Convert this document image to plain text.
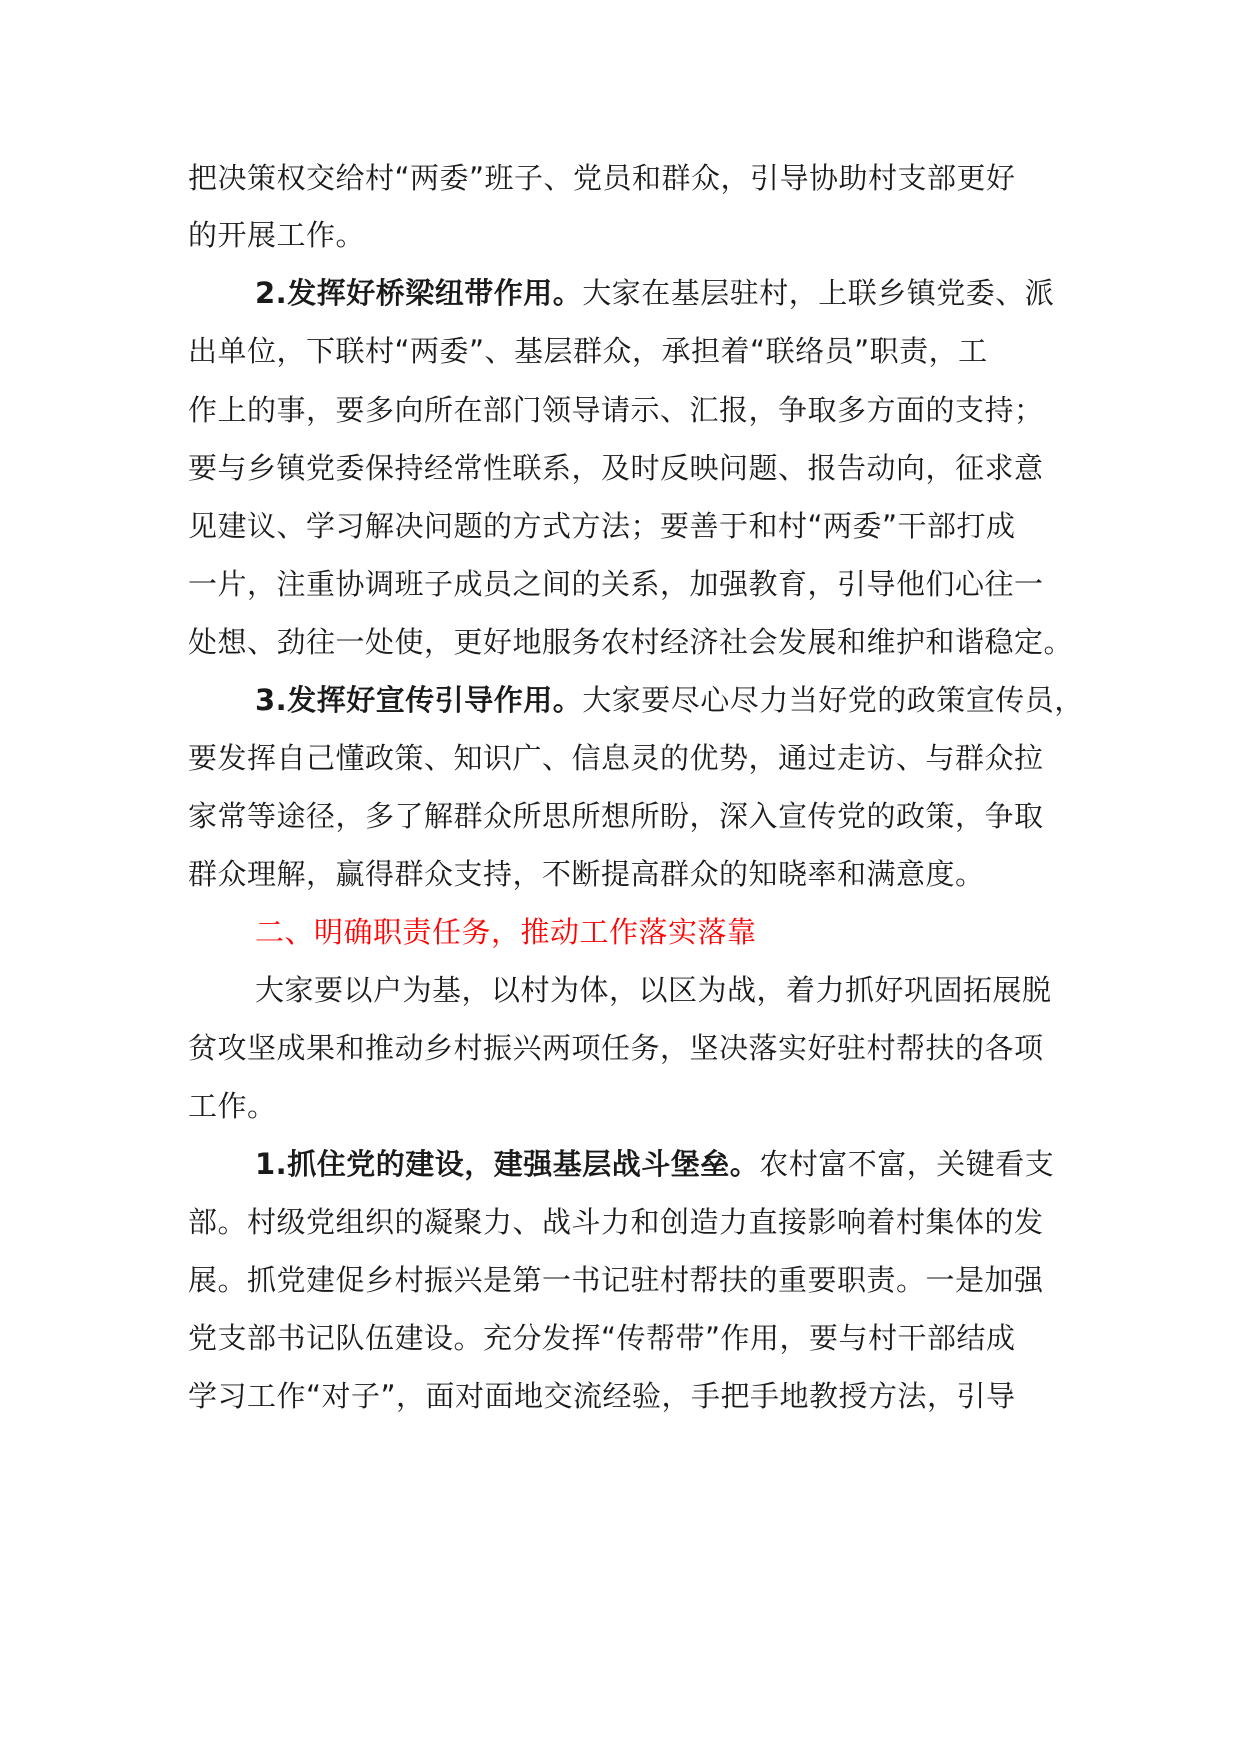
把决策权交给村“两委”班子、党员和群众，引导协助村支部更好
的开展工作。
2.发挥好桥梁纽带作用。大家在基层驻村，上联乡镇党委、派
出单位，下联村“两委”、基层群众，承担着“联络员”职责，工
作上的事，要多向所在部门领导请示、汇报，争取多方面的支持；
要与乡镇党委保持经常性联系，及时反映问题、报告动向，征求意
见建议、学习解决问题的方式方法；要善于和村“两委”干部打成
一片，注重协调班子成员之间的关系，加强教育，引导他们心往一
处想、劲往一处使，更好地服务农村经济社会发展和维护和谐稳定。
3.发挥好宣传引导作用。大家要尽心尽力当好党的政策宣传员，
要发挥自己懂政策、知识广、信息灵的优势，通过走访、与群众拉
家常等途径，多了解群众所思所想所盼，深入宣传党的政策，争取
群众理解，赢得群众支持，不断提高群众的知晓率和满意度。
二、明确职责任务，推动工作落实落靠
大家要以户为基，以村为体，以区为战，着力抓好巩固拓展脱
贫攻坚成果和推动乡村振兴两项任务，坚决落实好驻村帮扶的各项
工作。
1.抓住党的建设，建强基层战斗堡垒。农村富不富，关键看支
部。村级党组织的凝聚力、战斗力和创造力直接影响着村集体的发
展。抓党建促乡村振兴是第一书记驻村帮扶的重要职责。一是加强
党支部书记队伍建设。充分发挥“传帮带”作用，要与村干部结成
学习工作“对子”，面对面地交流经验，手把手地教授方法，引导
